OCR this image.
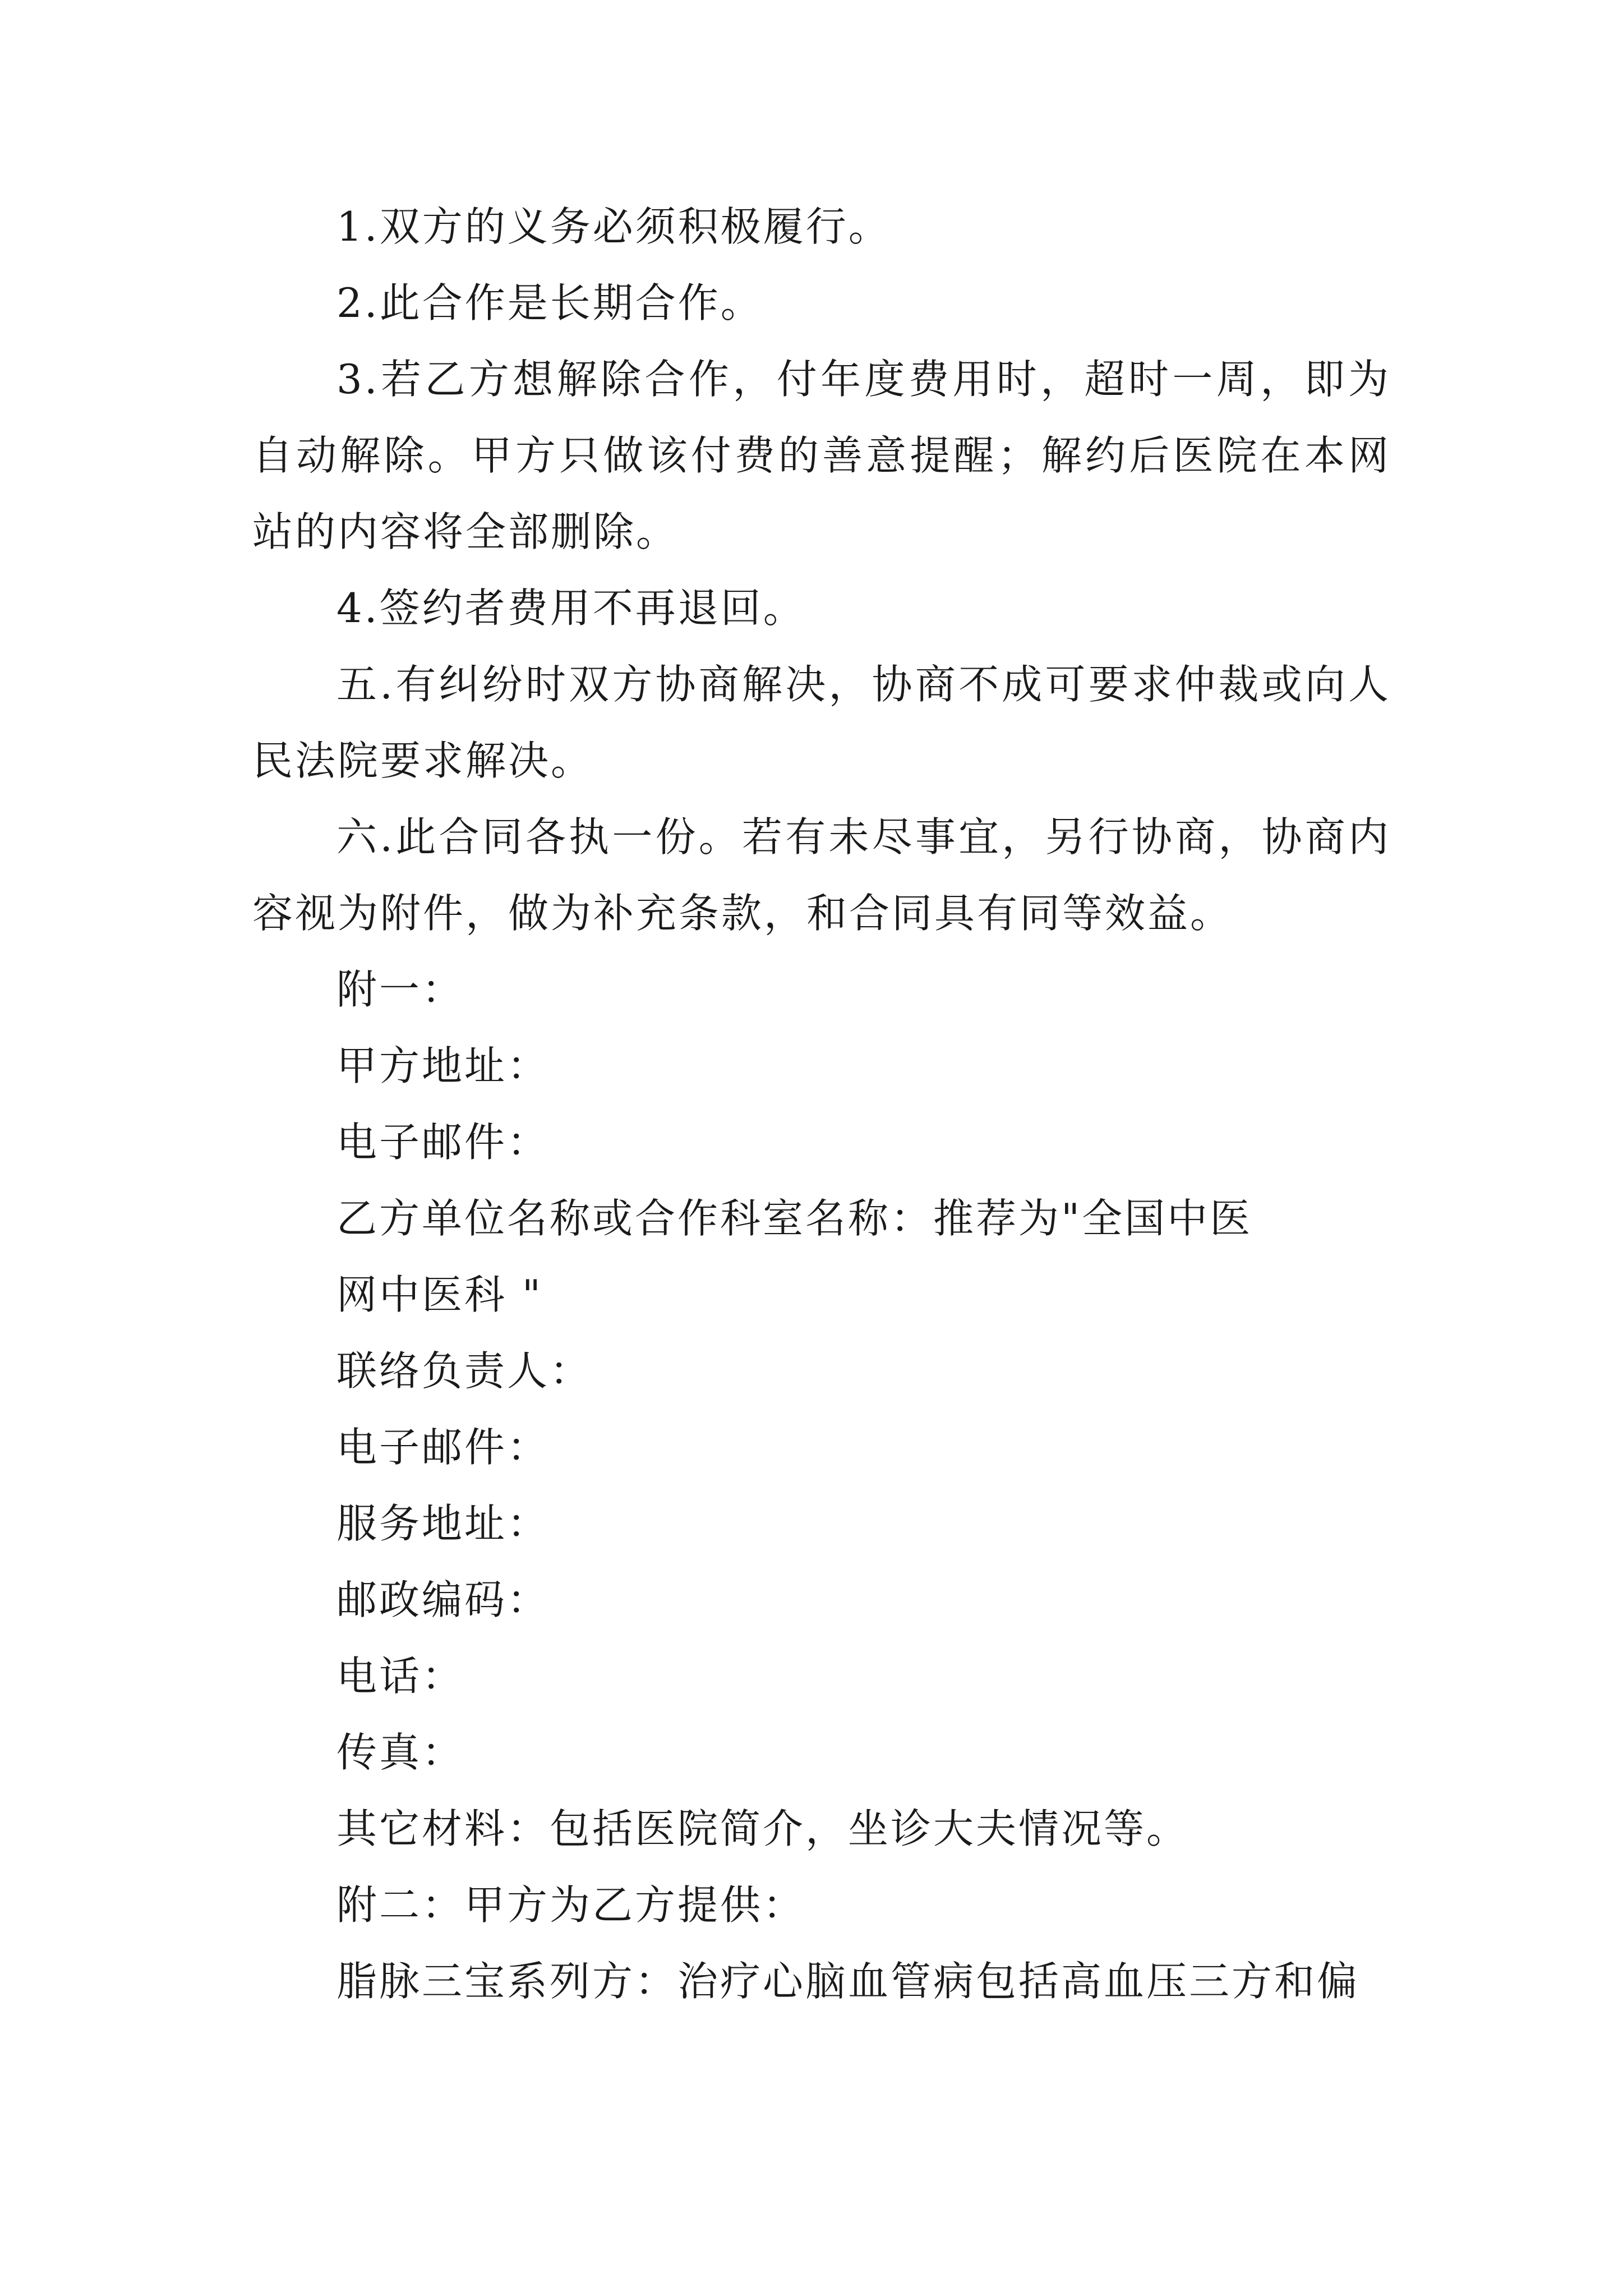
1.双方的义务必须积极履行。

2.此合作是长期合作。

3.若乙方想解除合作，付年度费用时，超时一周，即为自动解除。甲方只做该付费的善意提醒；解约后医院在本网站的内容将全部删除。

4.签约者费用不再退回。

五.有纠纷时双方协商解决，协商不成可要求仲裁或向人民法院要求解决。

六.此合同各执一份。若有未尽事宜，另行协商，协商内容视为附件，做为补充条款，和合同具有同等效益。

附一：

甲方地址：

电子邮件：

乙方单位名称或合作科室名称：推荐为"全国中医

网中医科 "

联络负责人：

电子邮件：

服务地址：

邮政编码：

电话：

传真：

其它材料：包括医院简介，坐诊大夫情况等。

附二：甲方为乙方提供：

脂脉三宝系列方：治疗心脑血管病包括高血压三方和偏
